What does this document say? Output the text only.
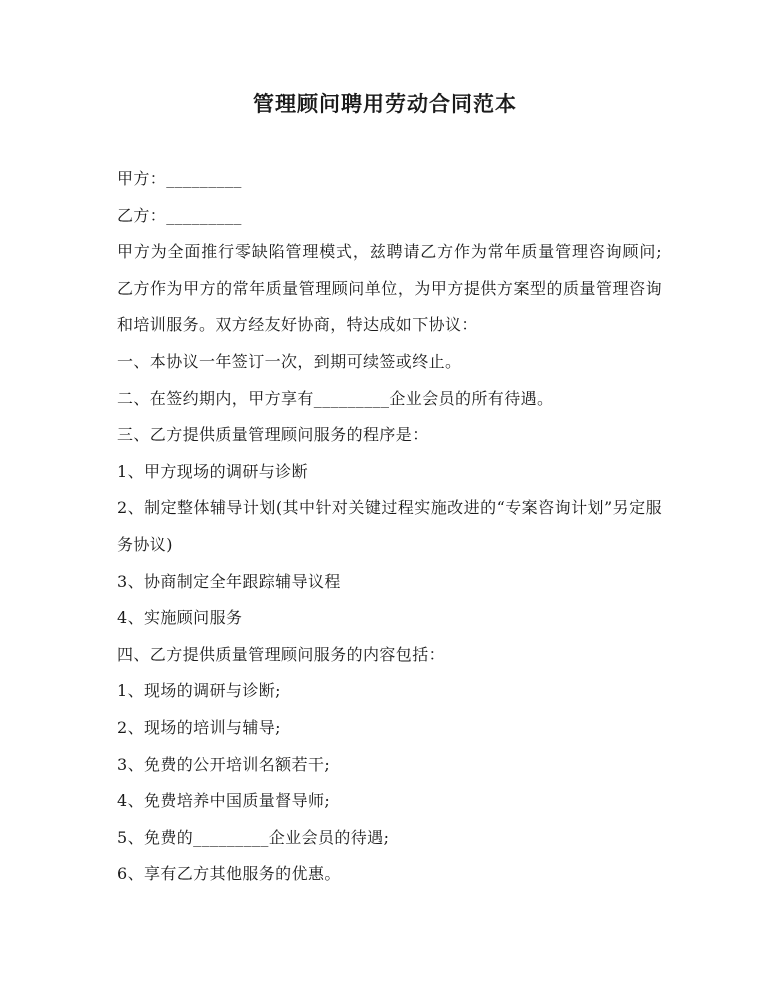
管理顾问聘用劳动合同范本

甲方：_________

乙方：_________

甲方为全面推行零缺陷管理模式，兹聘请乙方作为常年质量管理咨询顾问;乙方作为甲方的常年质量管理顾问单位，为甲方提供方案型的质量管理咨询和培训服务。双方经友好协商，特达成如下协议：

一、本协议一年签订一次，到期可续签或终止。

二、在签约期内，甲方享有_________企业会员的所有待遇。

三、乙方提供质量管理顾问服务的程序是：

1、甲方现场的调研与诊断

2、制定整体辅导计划(其中针对关键过程实施改进的“专案咨询计划”另定服务协议)

3、协商制定全年跟踪辅导议程

4、实施顾问服务

四、乙方提供质量管理顾问服务的内容包括：

1、现场的调研与诊断;

2、现场的培训与辅导;

3、免费的公开培训名额若干;

4、免费培养中国质量督导师;

5、免费的_________企业会员的待遇;

6、享有乙方其他服务的优惠。
